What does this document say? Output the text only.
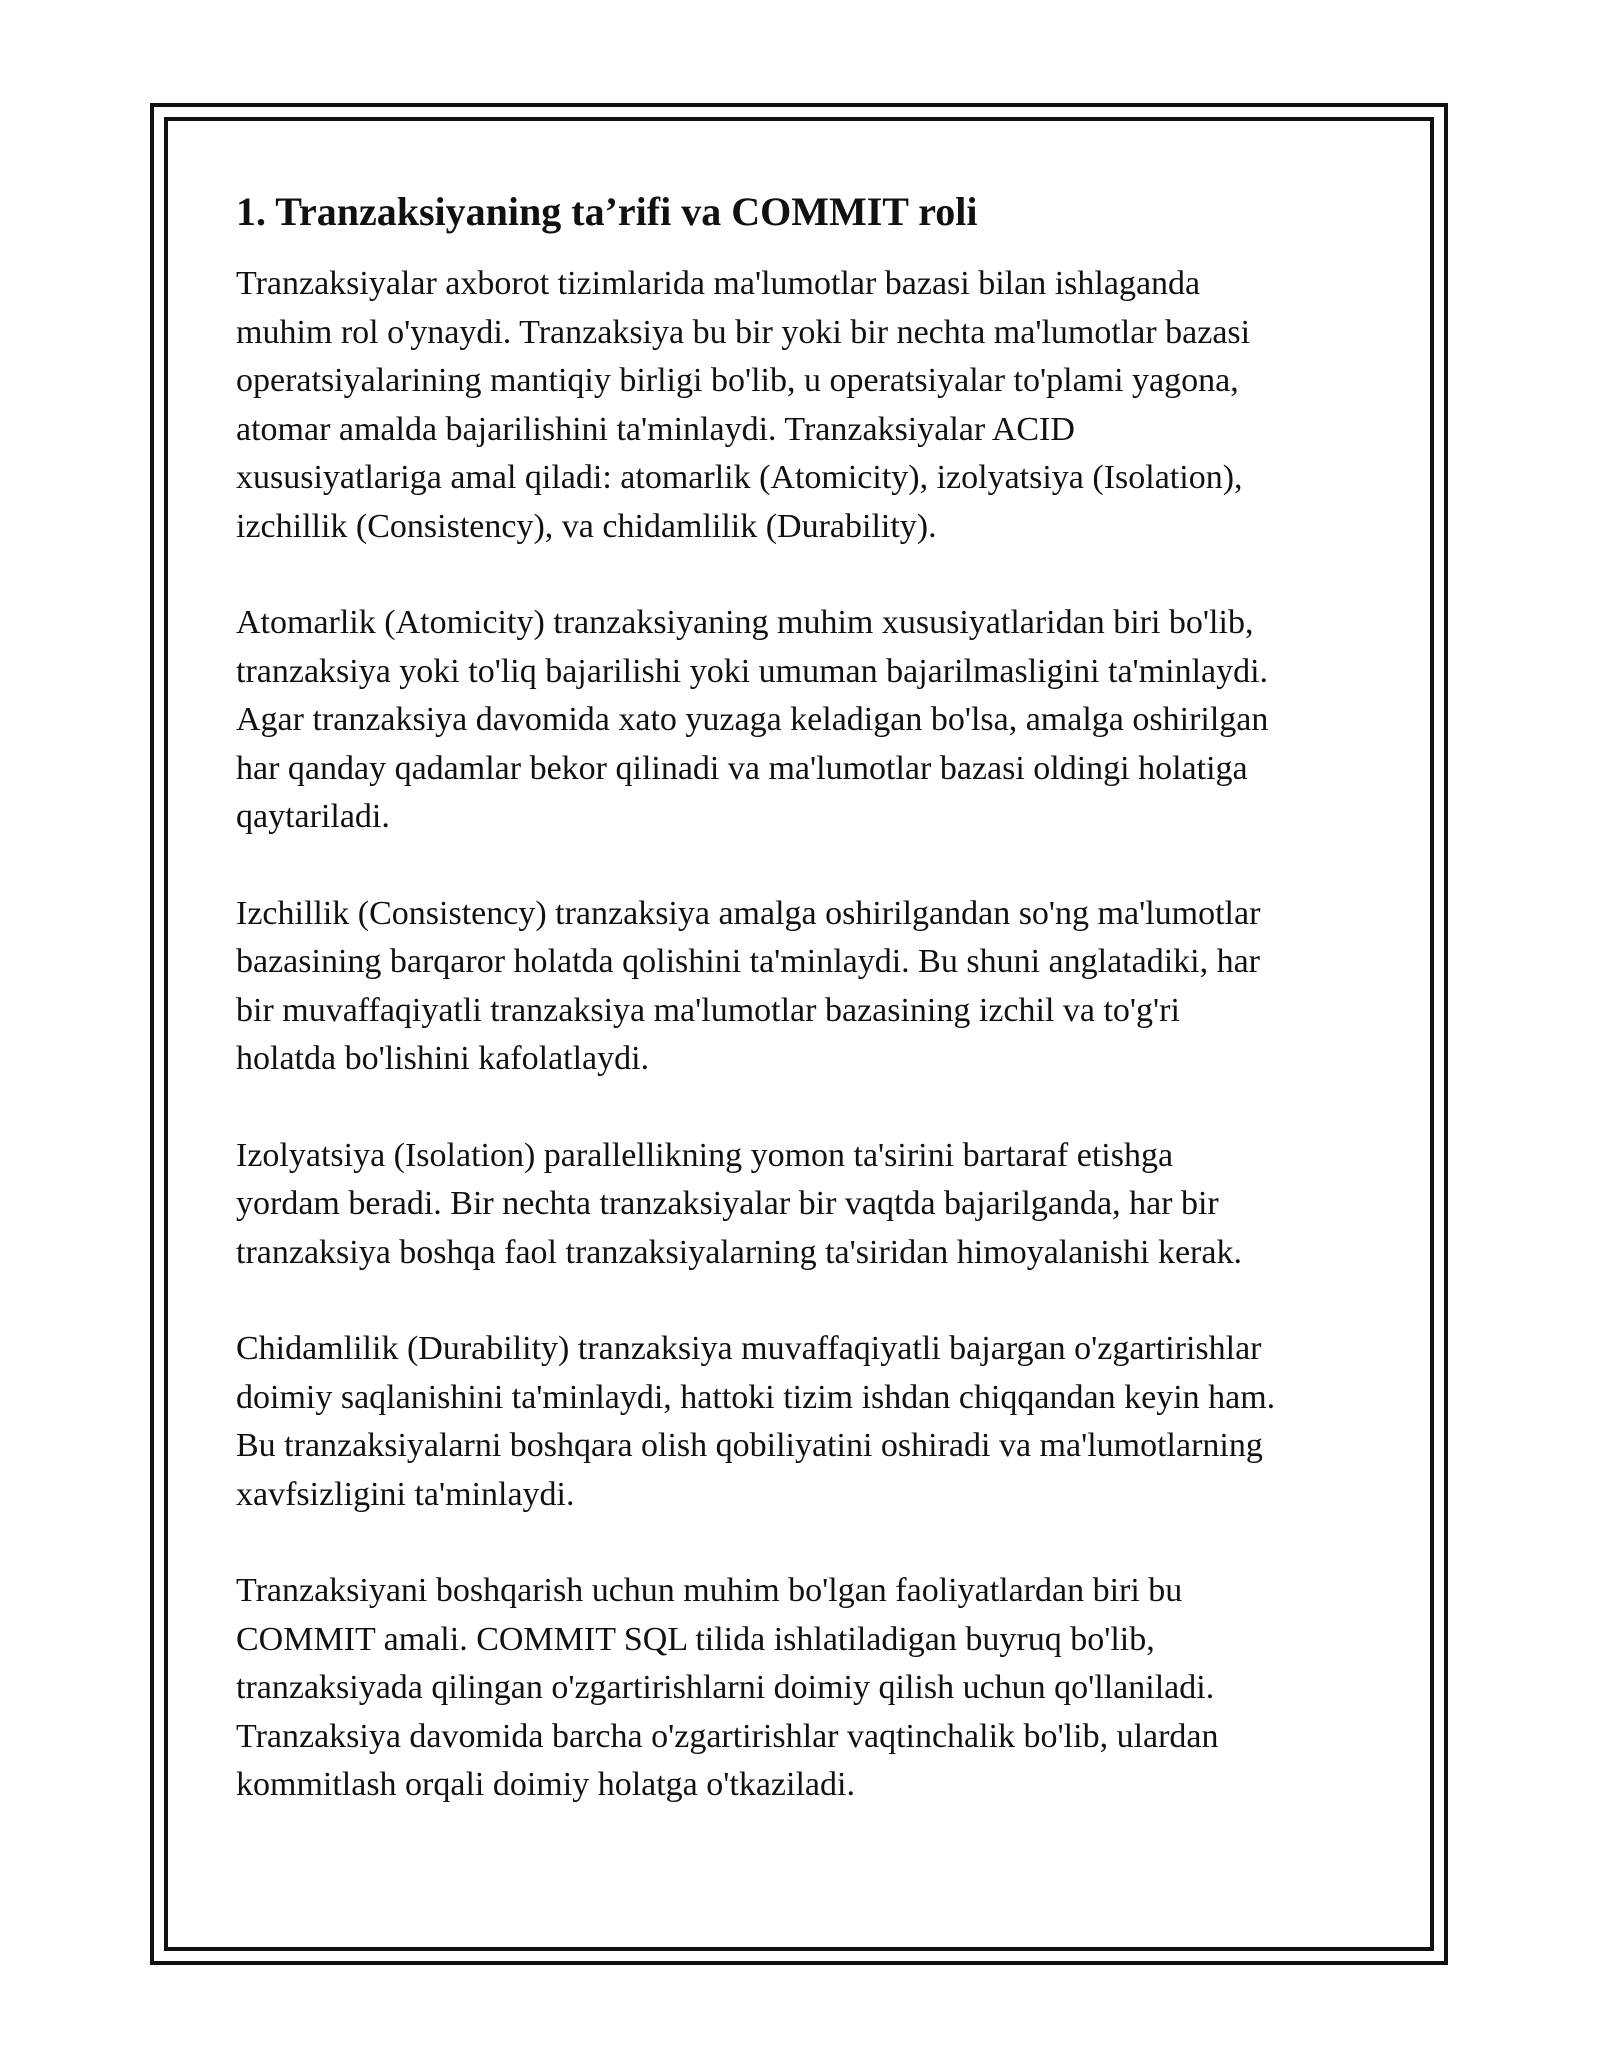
1. Tranzaksiyaning ta’rifi va COMMIT roli

Tranzaksiyalar axborot tizimlarida ma'lumotlar bazasi bilan ishlaganda
muhim rol o'ynaydi. Tranzaksiya bu bir yoki bir nechta ma'lumotlar bazasi
operatsiyalarining mantiqiy birligi bo'lib, u operatsiyalar to'plami yagona,
atomar amalda bajarilishini ta'minlaydi. Tranzaksiyalar ACID
xususiyatlariga amal qiladi: atomarlik (Atomicity), izolyatsiya (Isolation),
izchillik (Consistency), va chidamlilik (Durability).

Atomarlik (Atomicity) tranzaksiyaning muhim xususiyatlaridan biri bo'lib,
tranzaksiya yoki to'liq bajarilishi yoki umuman bajarilmasligini ta'minlaydi.
Agar tranzaksiya davomida xato yuzaga keladigan bo'lsa, amalga oshirilgan
har qanday qadamlar bekor qilinadi va ma'lumotlar bazasi oldingi holatiga
qaytariladi.

Izchillik (Consistency) tranzaksiya amalga oshirilgandan so'ng ma'lumotlar
bazasining barqaror holatda qolishini ta'minlaydi. Bu shuni anglatadiki, har
bir muvaffaqiyatli tranzaksiya ma'lumotlar bazasining izchil va to'g'ri
holatda bo'lishini kafolatlaydi.

Izolyatsiya (Isolation) parallellikning yomon ta'sirini bartaraf etishga
yordam beradi. Bir nechta tranzaksiyalar bir vaqtda bajarilganda, har bir
tranzaksiya boshqa faol tranzaksiyalarning ta'siridan himoyalanishi kerak.

Chidamlilik (Durability) tranzaksiya muvaffaqiyatli bajargan o'zgartirishlar
doimiy saqlanishini ta'minlaydi, hattoki tizim ishdan chiqqandan keyin ham.
Bu tranzaksiyalarni boshqara olish qobiliyatini oshiradi va ma'lumotlarning
xavfsizligini ta'minlaydi.

Tranzaksiyani boshqarish uchun muhim bo'lgan faoliyatlardan biri bu
COMMIT amali. COMMIT SQL tilida ishlatiladigan buyruq bo'lib,
tranzaksiyada qilingan o'zgartirishlarni doimiy qilish uchun qo'llaniladi.
Tranzaksiya davomida barcha o'zgartirishlar vaqtinchalik bo'lib, ulardan
kommitlash orqali doimiy holatga o'tkaziladi.
